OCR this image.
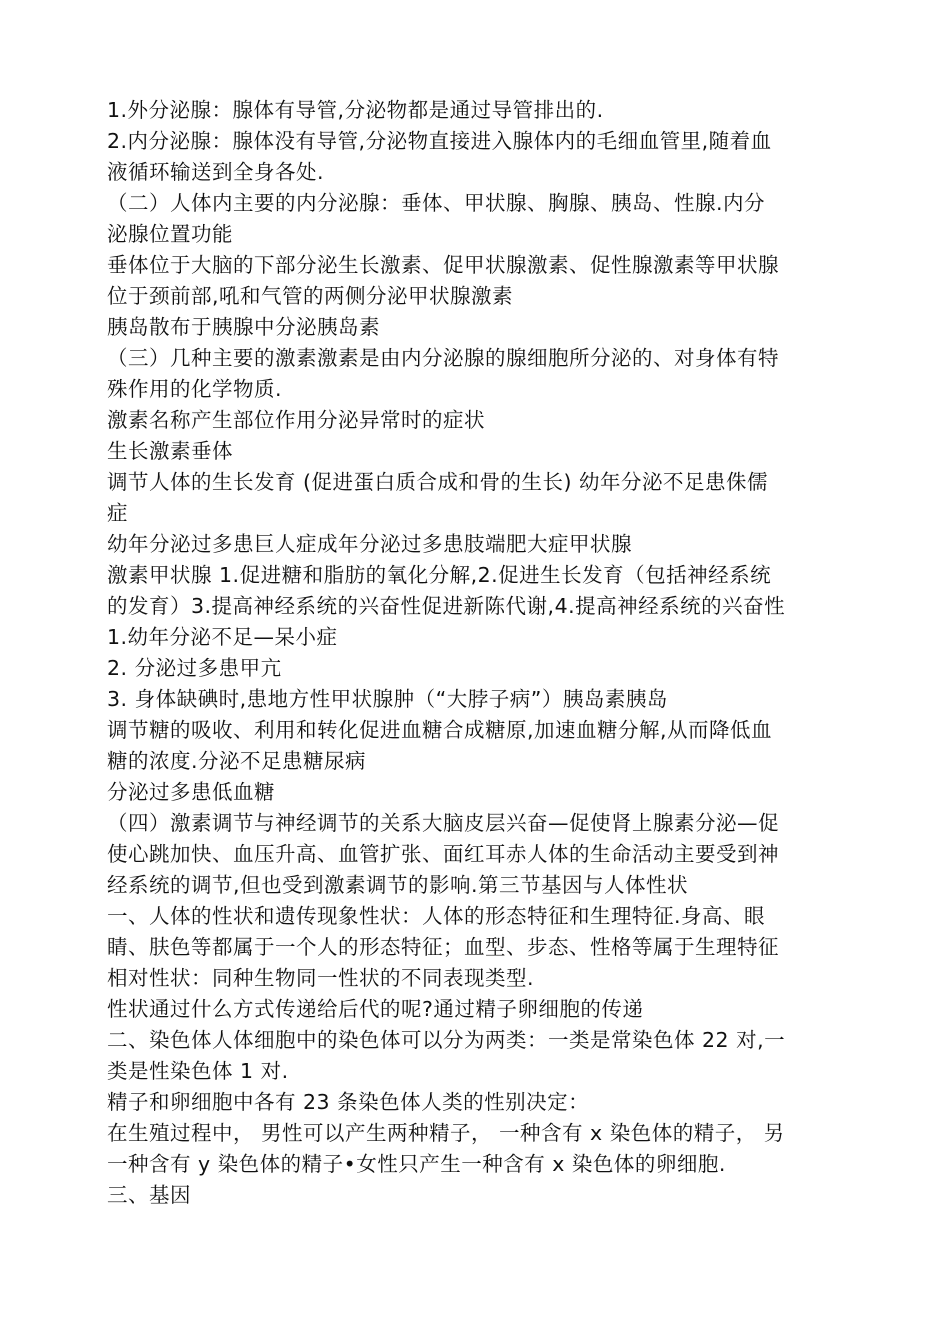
1.外分泌腺：腺体有导管,分泌物都是通过导管排出的.
2.内分泌腺：腺体没有导管,分泌物直接进入腺体内的毛细血管里,随着血
液循环输送到全身各处.
（二）人体内主要的内分泌腺：垂体、甲状腺、胸腺、胰岛、性腺.内分
泌腺位置功能
垂体位于大脑的下部分泌生长激素、促甲状腺激素、促性腺激素等甲状腺
位于颈前部,吼和气管的两侧分泌甲状腺激素
胰岛散布于胰腺中分泌胰岛素
（三）几种主要的激素激素是由内分泌腺的腺细胞所分泌的、对身体有特
殊作用的化学物质.
激素名称产生部位作用分泌异常时的症状
生长激素垂体
调节人体的生长发育 (促进蛋白质合成和骨的生长) 幼年分泌不足患侏儒
症
幼年分泌过多患巨人症成年分泌过多患肢端肥大症甲状腺
激素甲状腺 1.促进糖和脂肪的氧化分解,2.促进生长发育（包括神经系统
的发育）3.提高神经系统的兴奋性促进新陈代谢,4.提高神经系统的兴奋性
1.幼年分泌不足—呆小症
2. 分泌过多患甲亢
3. 身体缺碘时,患地方性甲状腺肿（“大脖子病”）胰岛素胰岛
调节糖的吸收、利用和转化促进血糖合成糖原,加速血糖分解,从而降低血
糖的浓度.分泌不足患糖尿病
分泌过多患低血糖
（四）激素调节与神经调节的关系大脑皮层兴奋—促使肾上腺素分泌—促
使心跳加快、血压升高、血管扩张、面红耳赤人体的生命活动主要受到神
经系统的调节,但也受到激素调节的影响.第三节基因与人体性状
一、人体的性状和遗传现象性状：人体的形态特征和生理特征.身高、眼
睛、肤色等都属于一个人的形态特征；血型、步态、性格等属于生理特征
相对性状：同种生物同一性状的不同表现类型.
性状通过什么方式传递给后代的呢?通过精子卵细胞的传递
二、染色体人体细胞中的染色体可以分为两类：一类是常染色体 22 对,一
类是性染色体 1 对.
精子和卵细胞中各有 23 条染色体人类的性别决定：
在生殖过程中， 男性可以产生两种精子， 一种含有 x 染色体的精子， 另
一种含有 y 染色体的精子•女性只产生一种含有 x 染色体的卵细胞.
三、基因
